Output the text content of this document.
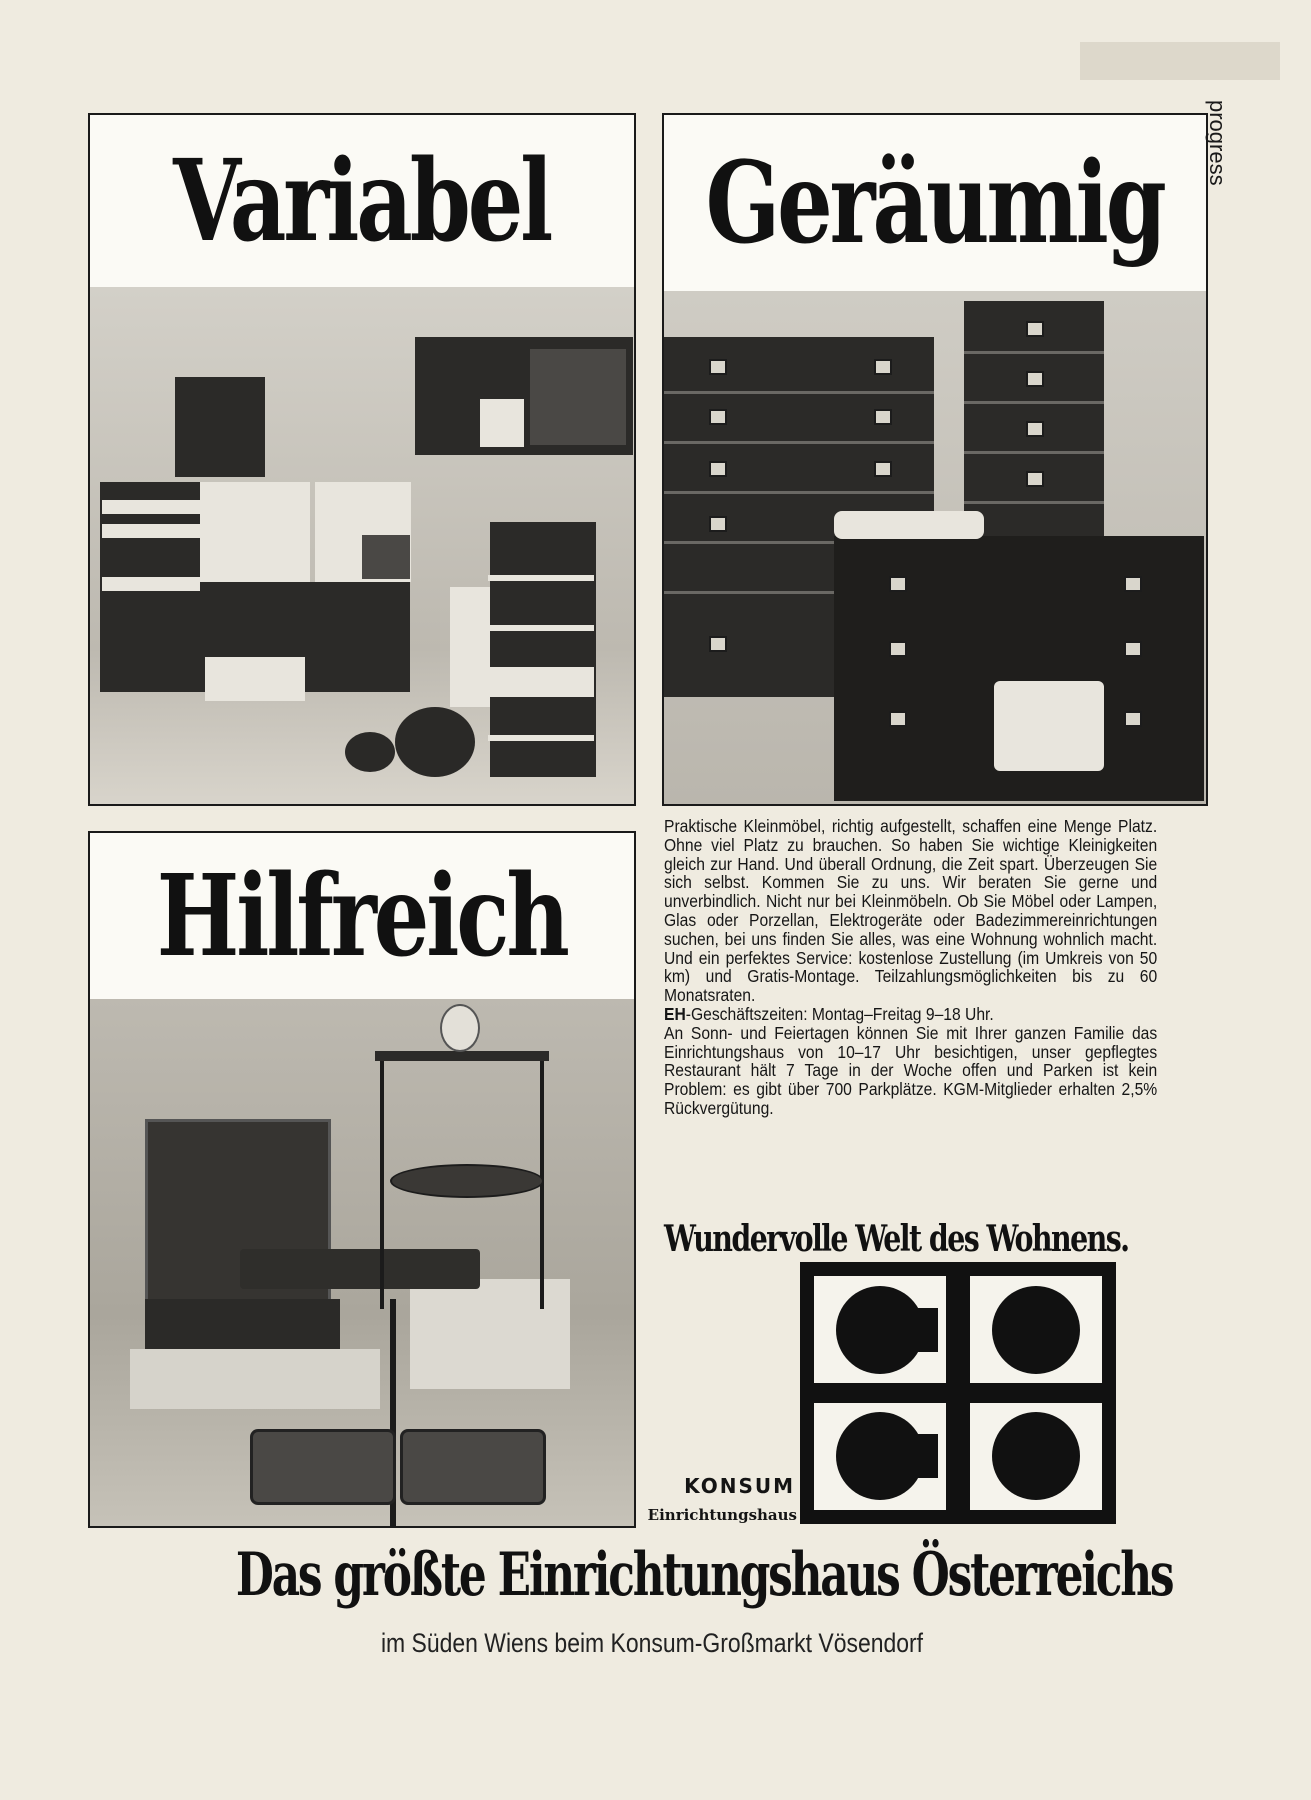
Variabel Geräumig progress
Hilfreich

Praktische Kleinmöbel, richtig aufgestellt, schaffen eine Menge Platz. Ohne viel Platz zu brauchen. So haben Sie wichtige Kleinigkeiten gleich zur Hand. Und überall Ordnung, die Zeit spart. Überzeugen Sie sich selbst. Kommen Sie zu uns. Wir beraten Sie gerne und unverbindlich. Nicht nur bei Kleinmöbeln. Ob Sie Möbel oder Lampen, Glas oder Porzellan, Elektrogeräte oder Badezimmereinrichtungen suchen, bei uns finden Sie alles, was eine Wohnung wohnlich macht. Und ein perfektes Service: kostenlose Zustellung (im Umkreis von 50 km) und Gratis-Montage. Teilzahlungsmöglichkeiten bis zu 60 Monatsraten.

EH-Geschäftszeiten: Montag–Freitag 9–18 Uhr.

An Sonn- und Feiertagen können Sie mit Ihrer ganzen Familie das Einrichtungshaus von 10–17 Uhr besichtigen, unser gepflegtes Restaurant hält 7 Tage in der Woche offen und Parken ist kein Problem: es gibt über 700 Parkplätze. KGM-Mitglieder erhalten 2,5% Rückvergütung.

Wundervolle Welt des Wohnens.
KONSUM
Einrichtungshaus
Das größte Einrichtungshaus Österreichs
im Süden Wiens beim Konsum-Großmarkt Vösendorf
